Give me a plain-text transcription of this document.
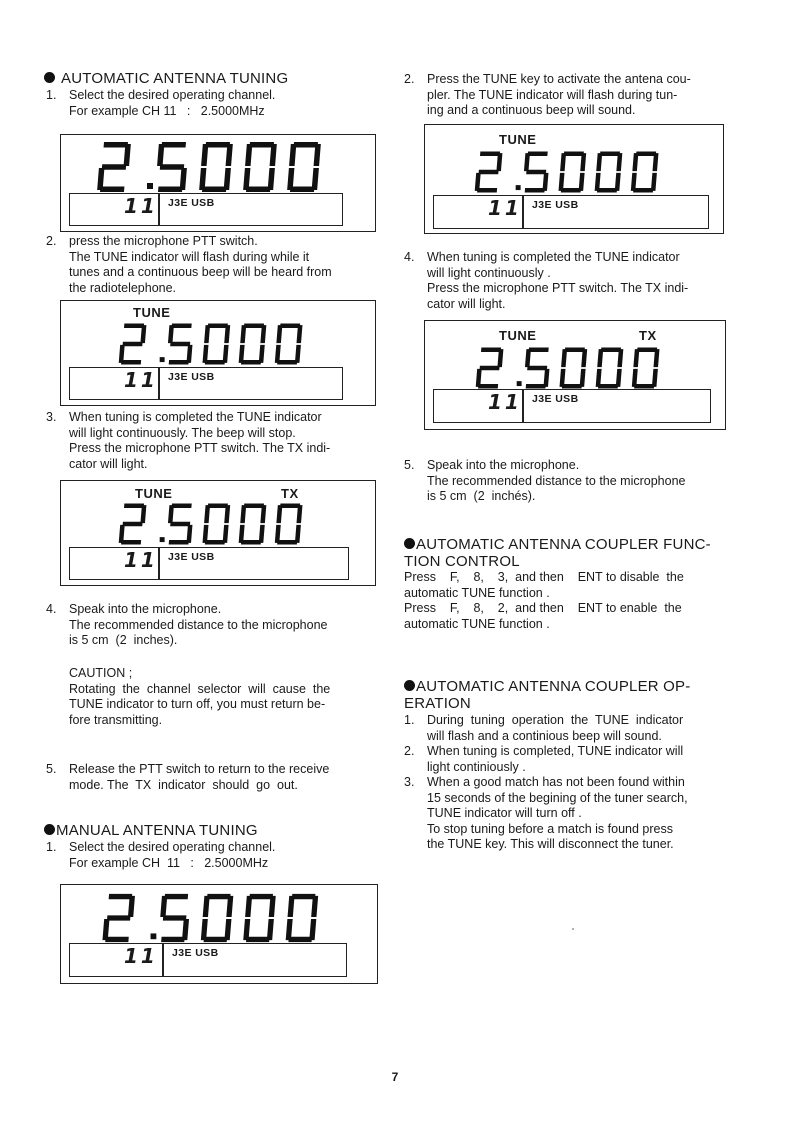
AUTOMATIC ANTENNA TUNING
1.	Select the desired operating channel.
For example CH 11   :   2.5000MHz
11 J3E USB
2.	press the microphone PTT switch.
The TUNE indicator will flash during while it
tunes and a continuous beep will be heard from
the radiotelephone.
TUNE
11 J3E USB
3.	When tuning is completed the TUNE indicator
will light continuously. The beep will stop.
Press the microphone PTT switch. The TX indi-
cator will light.
TUNE	TX
11 J3E USB
4.	Speak into the microphone.
The recommended distance to the microphone
is 5 cm  (2  inches).
CAUTION ;
Rotating  the  channel  selector  will  cause  the
TUNE indicator to turn off, you must return be-
fore transmitting.
5.	Release the PTT switch to return to the receive
mode. The  TX  indicator  should  go  out.
MANUAL ANTENNA TUNING
1.	Select the desired operating channel.
For example CH  11   :   2.5000MHz
11 J3E USB
2.	Press the TUNE key to activate the antena cou-
pler. The TUNE indicator will flash during tun-
ing and a continuous beep will sound.
TUNE
11 J3E USB
4.	When tuning is completed the TUNE indicator
will light continuously .
Press the microphone PTT switch. The TX indi-
cator will light.
TUNE	TX
11 J3E USB
5.	Speak into the microphone.
The recommended distance to the microphone
is 5 cm  (2  inchés).
AUTOMATIC ANTENNA COUPLER FUNC-
TION CONTROL
Press    F,    8,    3,  and then    ENT to disable  the
automatic TUNE function .
Press    F,    8,    2,  and then    ENT to enable  the
automatic TUNE function .
AUTOMATIC ANTENNA COUPLER OP-
ERATION
1.	During  tuning  operation  the  TUNE  indicator
will flash and a continious beep will sound.
2.	When tuning is completed, TUNE indicator will
light continiously .
3.	When a good match has not been found within
15 seconds of the begining of the tuner search,
TUNE indicator will turn off .
To stop tuning before a match is found press
the TUNE key. This will disconnect the tuner.
7
